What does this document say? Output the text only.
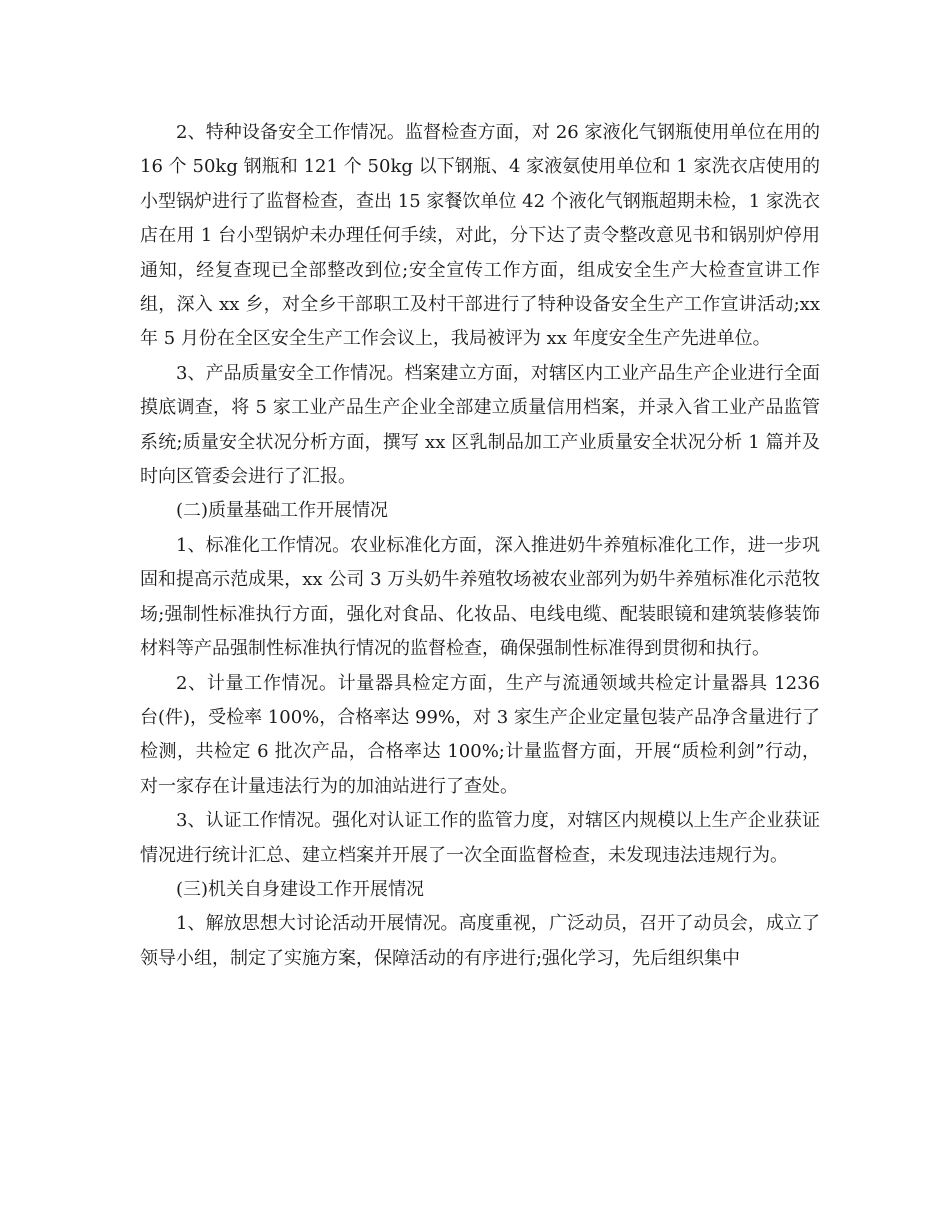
2、特种设备安全工作情况。监督检查方面，对 26 家液化气钢瓶使用单位在用的 16 个 50kg 钢瓶和 121 个 50kg 以下钢瓶、4 家液氨使用单位和 1 家洗衣店使用的小型锅炉进行了监督检查，查出 15 家餐饮单位 42 个液化气钢瓶超期未检，1 家洗衣店在用 1 台小型锅炉未办理任何手续，对此，分下达了责令整改意见书和锅别炉停用通知，经复查现已全部整改到位;安全宣传工作方面，组成安全生产大检查宣讲工作组，深入 xx 乡，对全乡干部职工及村干部进行了特种设备安全生产工作宣讲活动;xx 年 5 月份在全区安全生产工作会议上，我局被评为 xx 年度安全生产先进单位。

3、产品质量安全工作情况。档案建立方面，对辖区内工业产品生产企业进行全面摸底调查，将 5 家工业产品生产企业全部建立质量信用档案，并录入省工业产品监管系统;质量安全状况分析方面，撰写 xx 区乳制品加工产业质量安全状况分析 1 篇并及时向区管委会进行了汇报。

(二)质量基础工作开展情况

1、标准化工作情况。农业标准化方面，深入推进奶牛养殖标准化工作，进一步巩固和提高示范成果，xx 公司 3 万头奶牛养殖牧场被农业部列为奶牛养殖标准化示范牧场;强制性标准执行方面，强化对食品、化妆品、电线电缆、配装眼镜和建筑装修装饰材料等产品强制性标准执行情况的监督检查，确保强制性标准得到贯彻和执行。

2、计量工作情况。计量器具检定方面，生产与流通领域共检定计量器具 1236 台(件)，受检率 100%，合格率达 99%，对 3 家生产企业定量包装产品净含量进行了检测，共检定 6 批次产品，合格率达 100%;计量监督方面，开展“质检利剑”行动，对一家存在计量违法行为的加油站进行了查处。

3、认证工作情况。强化对认证工作的监管力度，对辖区内规模以上生产企业获证情况进行统计汇总、建立档案并开展了一次全面监督检查，未发现违法违规行为。

(三)机关自身建设工作开展情况

1、解放思想大讨论活动开展情况。高度重视，广泛动员，召开了动员会，成立了领导小组，制定了实施方案，保障活动的有序进行;强化学习，先后组织集中
